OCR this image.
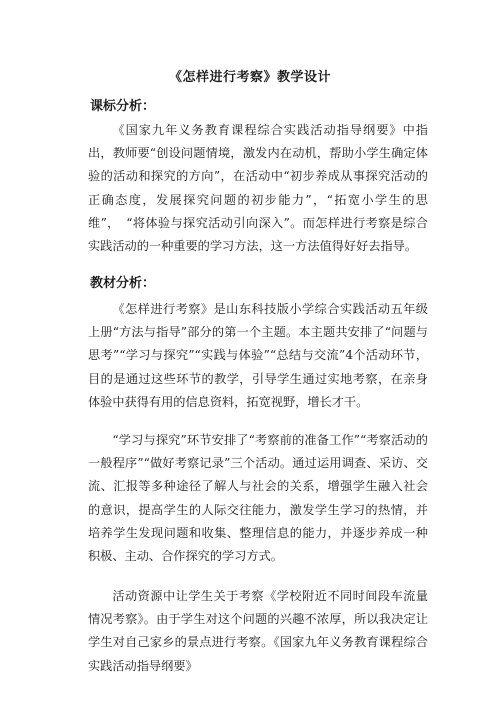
《怎样进行考察》教学设计
课标分析：

《国家九年义务教育课程综合实践活动指导纲要》中指出，教师要“创设问题情境，激发内在动机，帮助小学生确定体验的活动和探究的方向”，在活动中“初步养成从事探究活动的正确态度，发展探究问题的初步能力”，“拓宽小学生的思维”，　“将体验与探究活动引向深入”。而怎样进行考察是综合实践活动的一种重要的学习方法，这一方法值得好好去指导。

教材分析：

《怎样进行考察》是山东科技版小学综合实践活动五年级上册“方法与指导”部分的第一个主题。本主题共安排了“问题与思考”“学习与探究”“实践与体验”“总结与交流”4个活动环节，目的是通过这些环节的教学，引导学生通过实地考察，在亲身体验中获得有用的信息资料，拓宽视野，增长才干。

“学习与探究”环节安排了“考察前的准备工作”“考察活动的一般程序”“做好考察记录”三个活动。通过运用调查、采访、交流、汇报等多种途径了解人与社会的关系，增强学生融入社会的意识，提高学生的人际交往能力，激发学生学习的热情，并培养学生发现问题和收集、整理信息的能力，并逐步养成一种积极、主动、合作探究的学习方式。

活动资源中让学生关于考察《学校附近不同时间段车流量情况考察》。由于学生对这个问题的兴趣不浓厚，所以我决定让学生对自己家乡的景点进行考察。《国家九年义务教育课程综合实践活动指导纲要》
